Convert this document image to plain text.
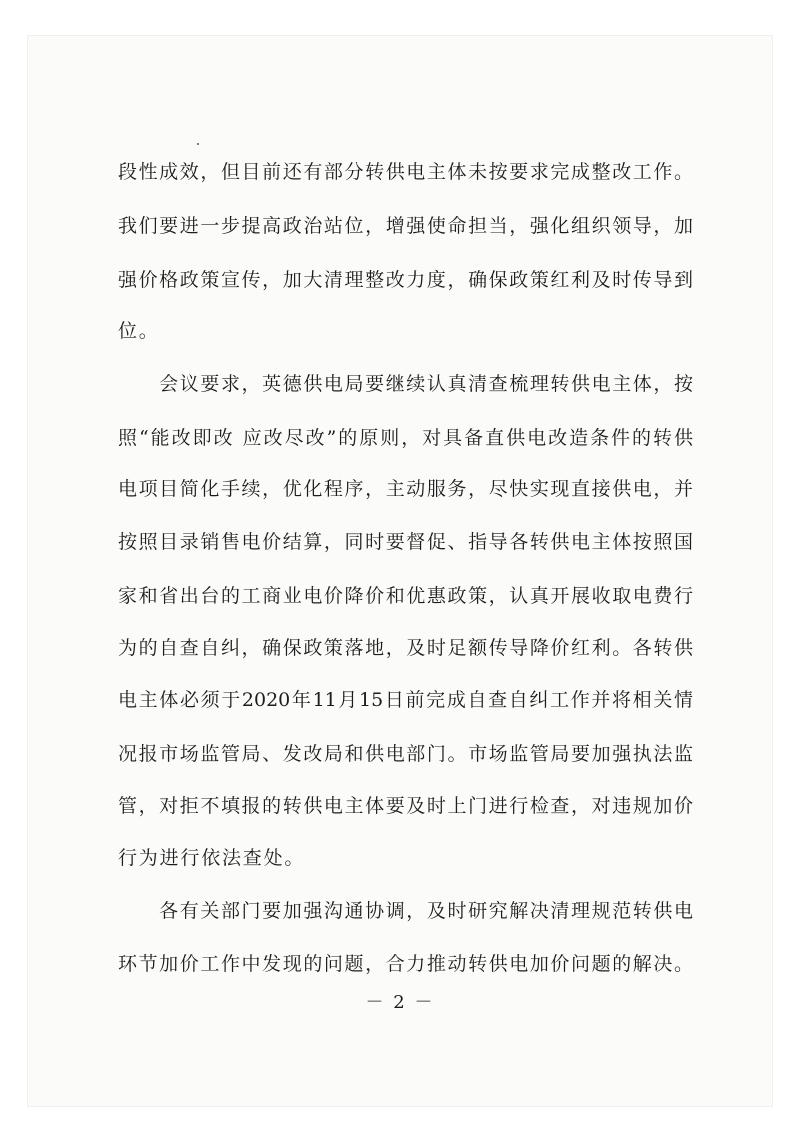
段性成效，但目前还有部分转供电主体未按要求完成整改工作。
我们要进一步提高政治站位，增强使命担当，强化组织领导，加
强价格政策宣传，加大清理整改力度，确保政策红利及时传导到
位。
　　会议要求，英德供电局要继续认真清查梳理转供电主体，按
照“能改即改 应改尽改”的原则，对具备直供电改造条件的转供
电项目简化手续，优化程序，主动服务，尽快实现直接供电，并
按照目录销售电价结算，同时要督促、指导各转供电主体按照国
家和省出台的工商业电价降价和优惠政策，认真开展收取电费行
为的自查自纠，确保政策落地，及时足额传导降价红利。各转供
电主体必须于2020年11月15日前完成自查自纠工作并将相关情
况报市场监管局、发改局和供电部门。市场监管局要加强执法监
管，对拒不填报的转供电主体要及时上门进行检查，对违规加价
行为进行依法查处。
　　各有关部门要加强沟通协调，及时研究解决清理规范转供电
环节加价工作中发现的问题，合力推动转供电加价问题的解决。
－ 2 －
